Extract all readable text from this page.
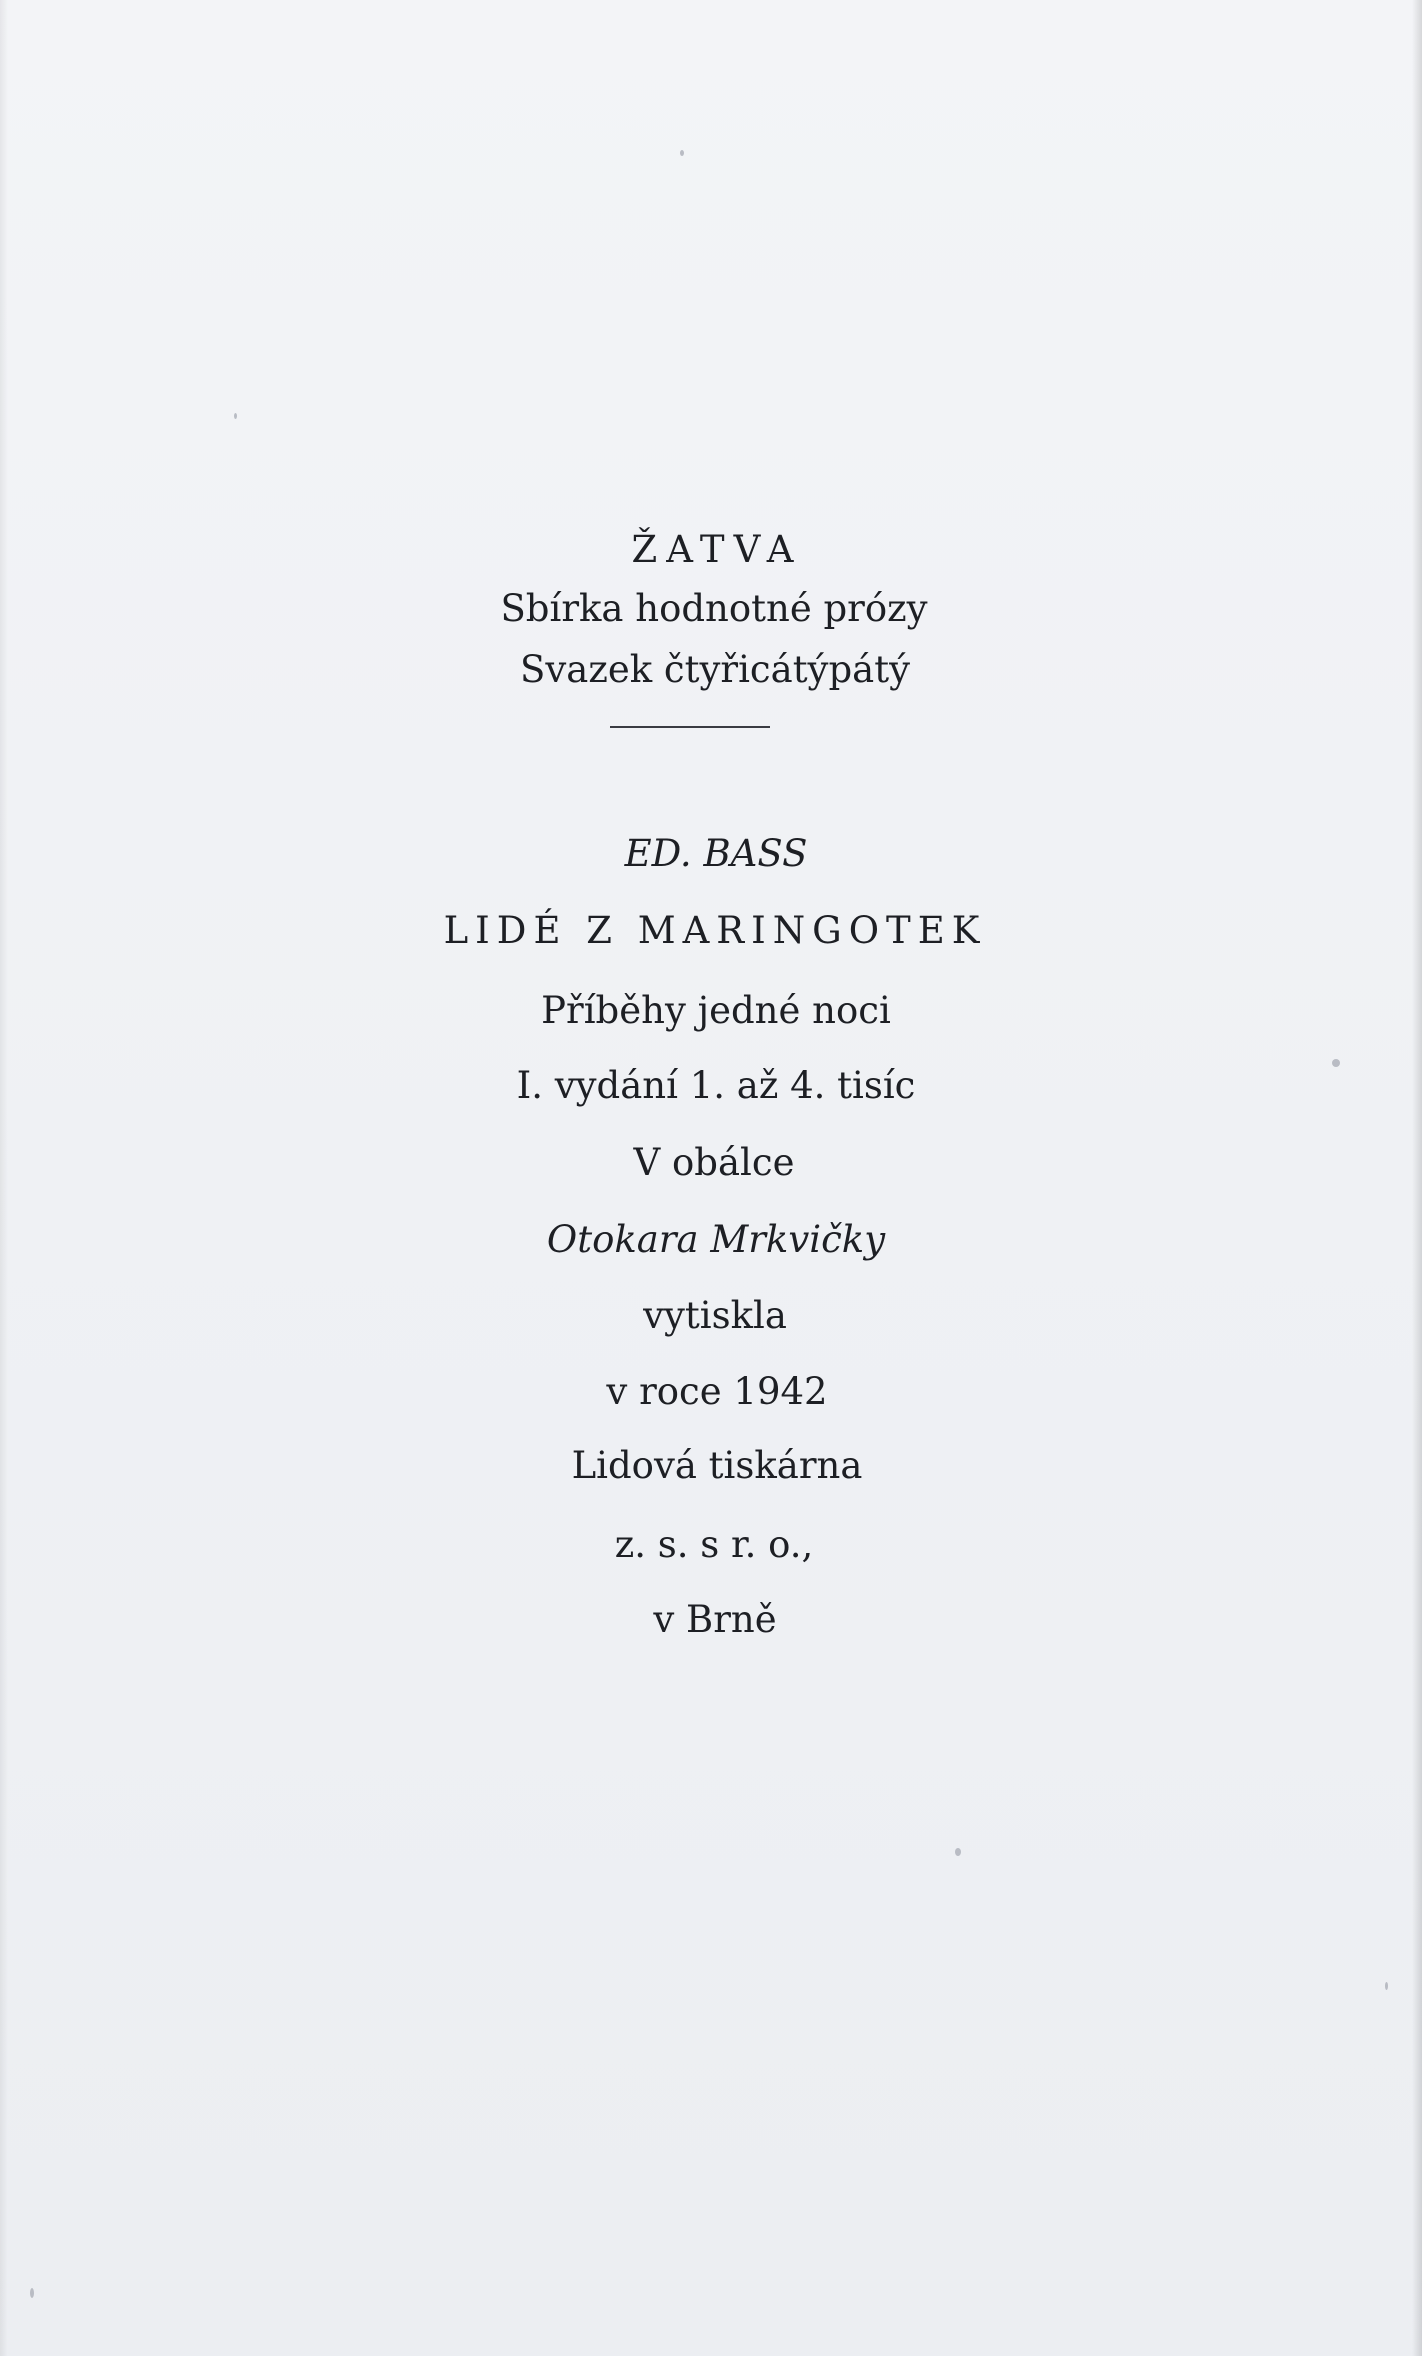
ŽATVA
Sbírka hodnotné prózy
Svazek čtyřicátýpátý
ED. BASS
LIDÉ Z MARINGOTEK
Příběhy jedné noci
I. vydání 1. až 4. tisíc
V obálce
Otokara Mrkvičky
vytiskla
v roce 1942
Lidová tiskárna
z. s. s r. o.,
v Brně
